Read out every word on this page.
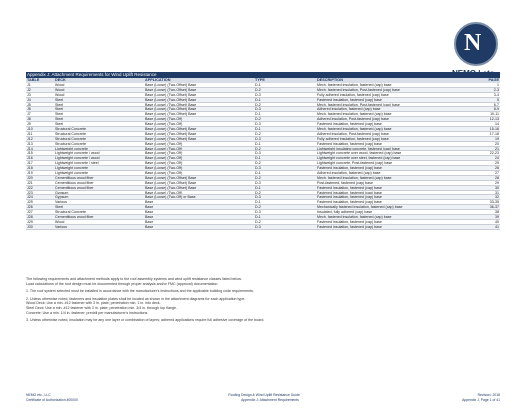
N
Appendix J: Attachment Requirements for Wind Uplift Resistance
TABLE	DECK	APPLICATION	TYPE	DESCRIPTION	PAGE
J1	Wood	Base (Loose) (Two-Offset) Base	D-1	Mech. fastened insulation, fastened (cap) base	1
J2	Wood	Base (Loose) (Two-Offset) Base	D-2	Mech. fastened insulation, Post-fastened (cap) base	2-3
J3	Wood	Base (Loose) (Two-Offset) Base	D-3	Fully adhered insulation, fastened (cap) base	3-4
J4	Steel	Base (Loose) (Two-Offset) Base	D-1	Fastened insulation, fastened (cap) base	5
J5	Steel	Base (Loose) (Two-Offset) Base	D-2	Mech. fastened insulation, Post-fastened (cap) base	6-7
J6	Steel	Base (Loose) (Two-Offset) Base	D-3	Adhered insulation, fastened (cap) base	8-9
J7	Steel	Base (Loose) (Two-Offset) Base	D-1	Mech. fastened insulation, fastened (cap) base	10-11
J8	Steel	Base (Loose) (Two-Off)	D-2	Adhered insulation, Post-fastened (cap) base	12-13
J9	Steel	Base (Loose) (Two-Off)	D-3	Fastened insulation, fastened (cap) base	14
J10	Structural Concrete	Base (Loose) (Two-Offset) Base	D-1	Mech. fastened insulation, fastened (cap) base	15-16
J11	Structural Concrete	Base (Loose) (Two-Offset) Base	D-2	Adhered insulation, Post-fastened (cap) base	17-18
J12	Structural Concrete	Base (Loose) (Two-Offset) Base	D-3	Fully adhered insulation, fastened (cap) base	19
J13	Structural Concrete	Base (Loose) (Two-Off)	D-1	Fastened insulation, fastened (cap) base	20
J14	Lightweight concrete	Base (Loose) (Two-Off)	D-2	Lightweight insulating concrete, fastened (cap) base	21
J15	Lightweight concrete / wood	Base (Loose) (Two-Off)	D-3	Lightweight concrete over wood, fastened (cap) base	22-23
J16	Lightweight concrete / wood	Base (Loose) (Two-Off)	D-1	Lightweight concrete over steel, fastened (cap) base	24
J17	Lightweight concrete / steel	Base (Loose) (Two-Off)	D-2	Lightweight concrete, Post-fastened (cap) base	25
J18	Lightweight concrete	Base (Loose) (Two-Off)	D-3	Fastened insulation, fastened (cap) base	26
J19	Lightweight concrete	Base (Loose) (Two-Off)	D-1	Adhered insulation, fastened (cap) base	27
J20	Cementitious wood fiber	Base (Loose) (Two-Offset) Base	D-2	Mech. fastened insulation, fastened (cap) base	28
J21	Cementitious wood fiber	Base (Loose) (Two-Offset) Base	D-3	Post-fastened, fastened (cap) base	29
J22	Cementitious wood fiber	Base (Loose) (Two-Offset) Base	D-1	Fastened insulation, fastened (cap) base	30
J23	Gypsum	Base (Loose) (Two-Off)	D-2	Fastened insulation, fastened (cap) base	31
J24	Gypsum	Base (Loose) (Two-Off) or Base	D-3	Fastened insulation, fastened (cap) base	32
J25	Various	Base	D-1	Fastened insulation, fastened (cap) base	33-35
J26	Steel	Base	D-2	Mechanically fastened insulation, fastened (cap) base	36-37
J27	Structural Concrete	Base	D-3	Insulated, fully adhered (cap) base	38
J28	Cementitious wood fiber	Base	D-1	Mech. fastened insulation, fastened (cap) base	39
J29	Wood	Base	D-2	Fastened insulation, fastened (cap) base	40
J30	Various	Base	D-3	Fastened insulation, fastened (cap) base	41
The following requirements and attachment methods apply to the roof assembly systems and wind uplift resistance classes listed below.
Load calculations of the roof design must be documented through proper analysis and/or FMC (approval) documentation.
1. The roof system selected must be installed in accordance with the manufacturer's instructions and the applicable building code requirements.
2. Unless otherwise noted, fasteners and insulation plates shall be located as shown in the attachment diagrams for each application type.
Wood Deck: Use a min. #12 fastener with 3 in. plate; penetration min. 1 in. into deck.
Steel Deck: Use a min. #12 fastener with 3 in. plate; penetration min. 3/4 in. through top flange.
Concrete: Use a min. 1/4 in. fastener; predrill per manufacturer's instructions.
3. Unless otherwise noted, insulation may be any one layer or combination of layers; adhered applications require full adhesive coverage of the board.
NEMO etc., LLC	Roofing Design & Wind Uplift Resistance Guide	Revision: 2018
Certificate of Authorization #00000	Appendix J: Attachment Requirements	Appendix J, Page 1 of 41
